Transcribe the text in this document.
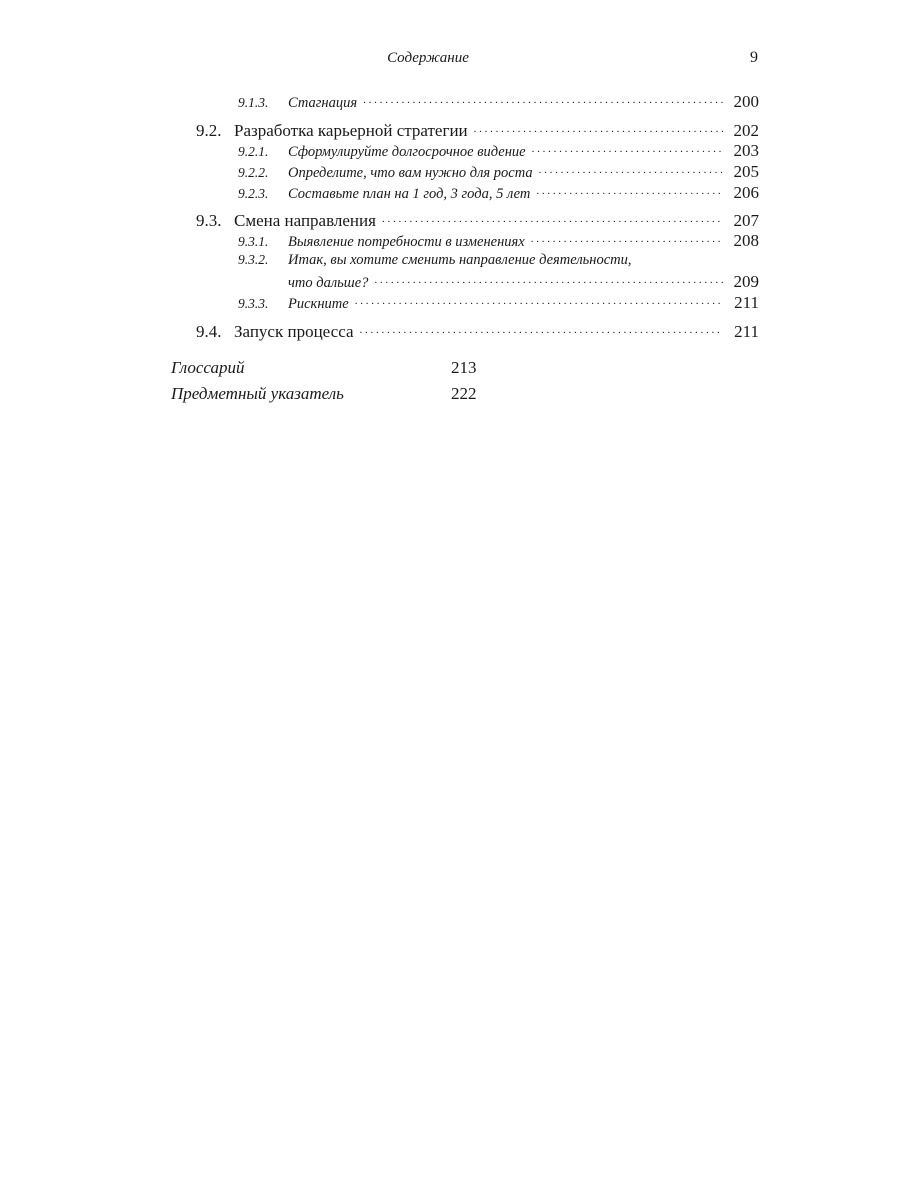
Содержание	9
9.1.3.	Стагнация . . .	200
9.2. Разработка карьерной стратегии . . .	202
9.2.1.	Сформулируйте долгосрочное видение . . .	203
9.2.2.	Определите, что вам нужно для роста . . .	205
9.2.3.	Составьте план на 1 год, 3 года, 5 лет . . .	206
9.3. Смена направления . . .	207
9.3.1.	Выявление потребности в изменениях . . .	208
9.3.2.	Итак, вы хотите сменить направление деятельности,
что дальше? . . .	209
9.3.3.	Рискните . . .	211
9.4. Запуск процесса . . .	211
Глоссарий	213
Предметный указатель	222
